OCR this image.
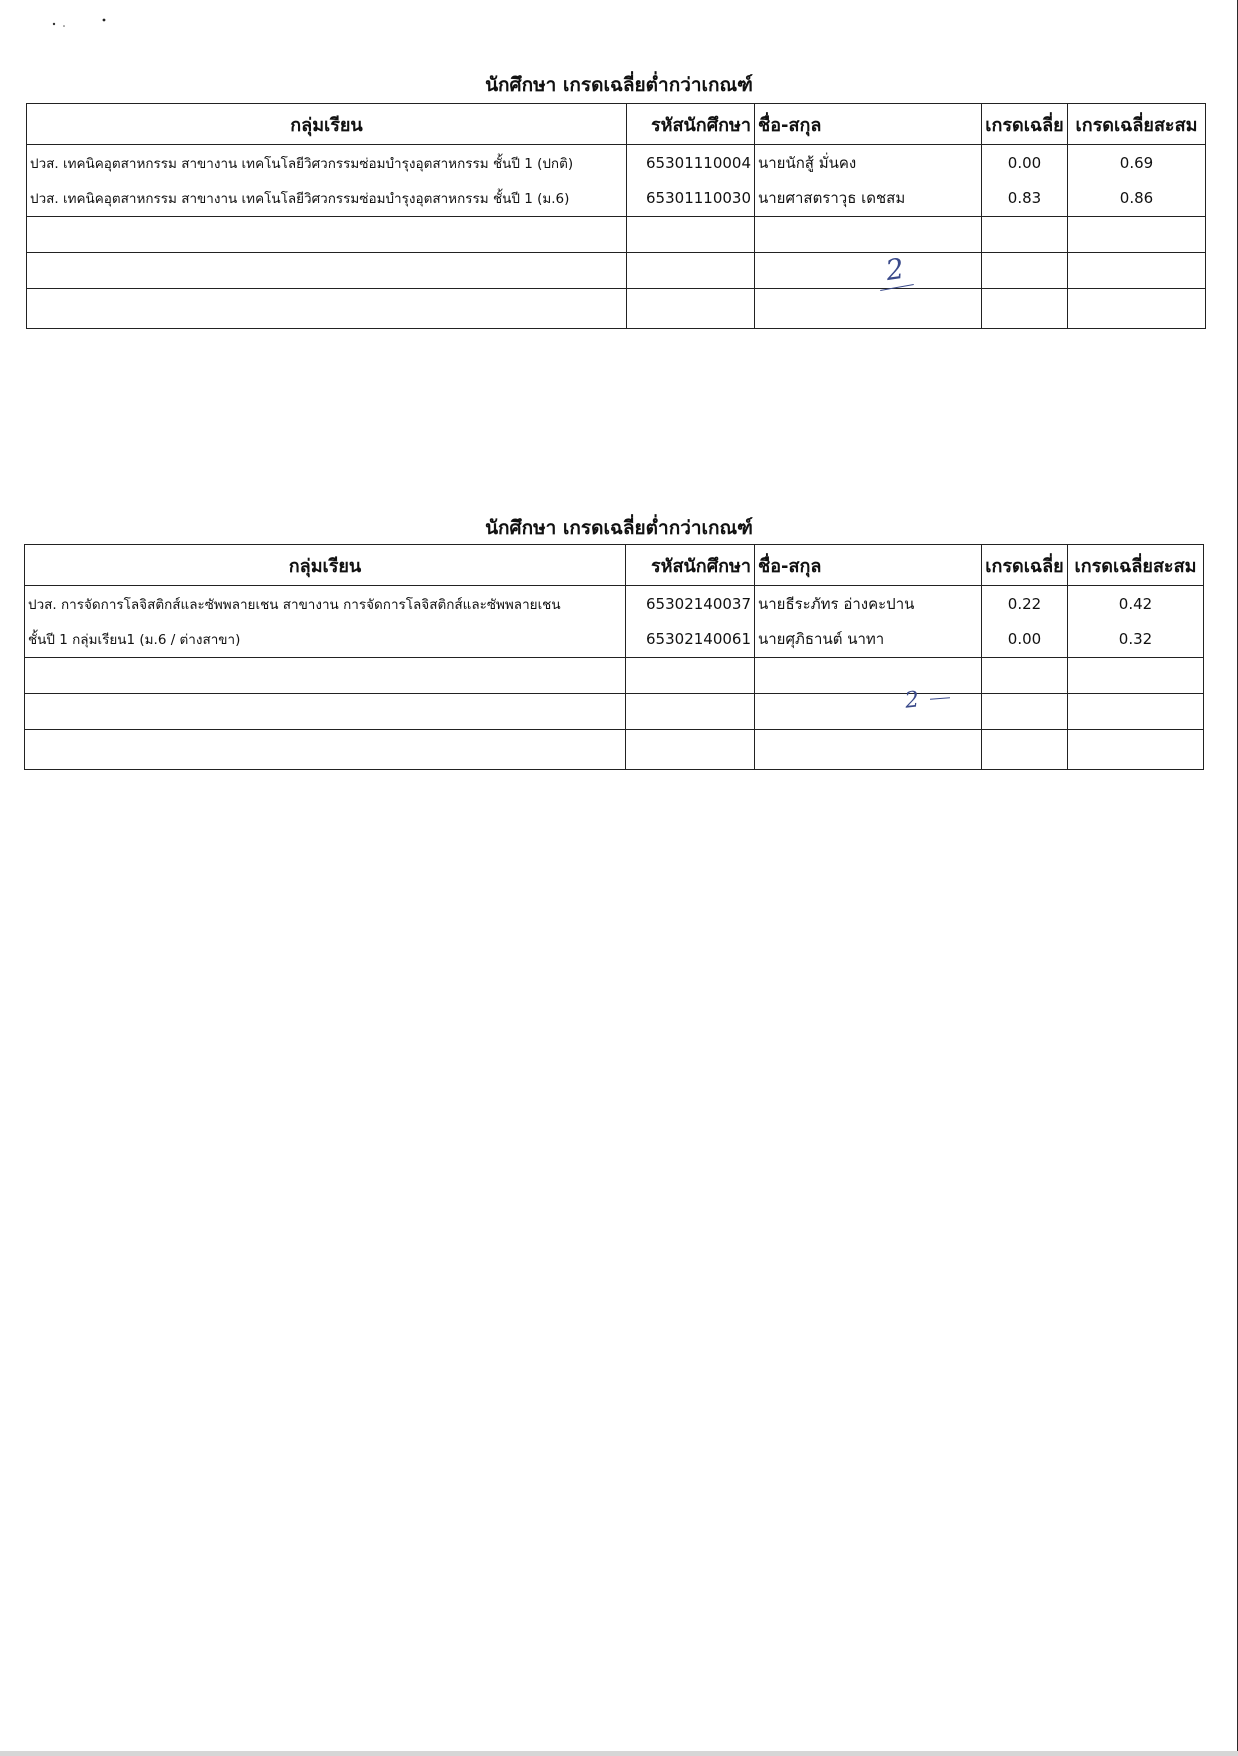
นักศึกษา เกรดเฉลี่ยต่ำกว่าเกณฑ์
กลุ่มเรียน	รหัสนักศึกษา	ชื่อ-สกุล	เกรดเฉลี่ย	เกรดเฉลี่ยสะสม
ปวส. เทคนิคอุตสาหกรรม สาขางาน เทคโนโลยีวิศวกรรมซ่อมบำรุงอุตสาหกรรม ชั้นปี 1 (ปกติ)	65301110004	นายนักสู้ มั่นคง	0.00	0.69
ปวส. เทคนิคอุตสาหกรรม สาขางาน เทคโนโลยีวิศวกรรมซ่อมบำรุงอุตสาหกรรม ชั้นปี 1 (ม.6)	65301110030	นายศาสตราวุธ เดชสม	0.83	0.86

2
นักศึกษา เกรดเฉลี่ยต่ำกว่าเกณฑ์
กลุ่มเรียน	รหัสนักศึกษา	ชื่อ-สกุล	เกรดเฉลี่ย	เกรดเฉลี่ยสะสม
ปวส. การจัดการโลจิสติกส์และซัพพลายเชน สาขางาน การจัดการโลจิสติกส์และซัพพลายเชน	65302140037	นายธีระภัทร อ่างคะปาน	0.22	0.42
ชั้นปี 1 กลุ่มเรียน1 (ม.6 / ต่างสาขา)	65302140061	นายศุภิธานต์ นาทา	0.00	0.32

2
